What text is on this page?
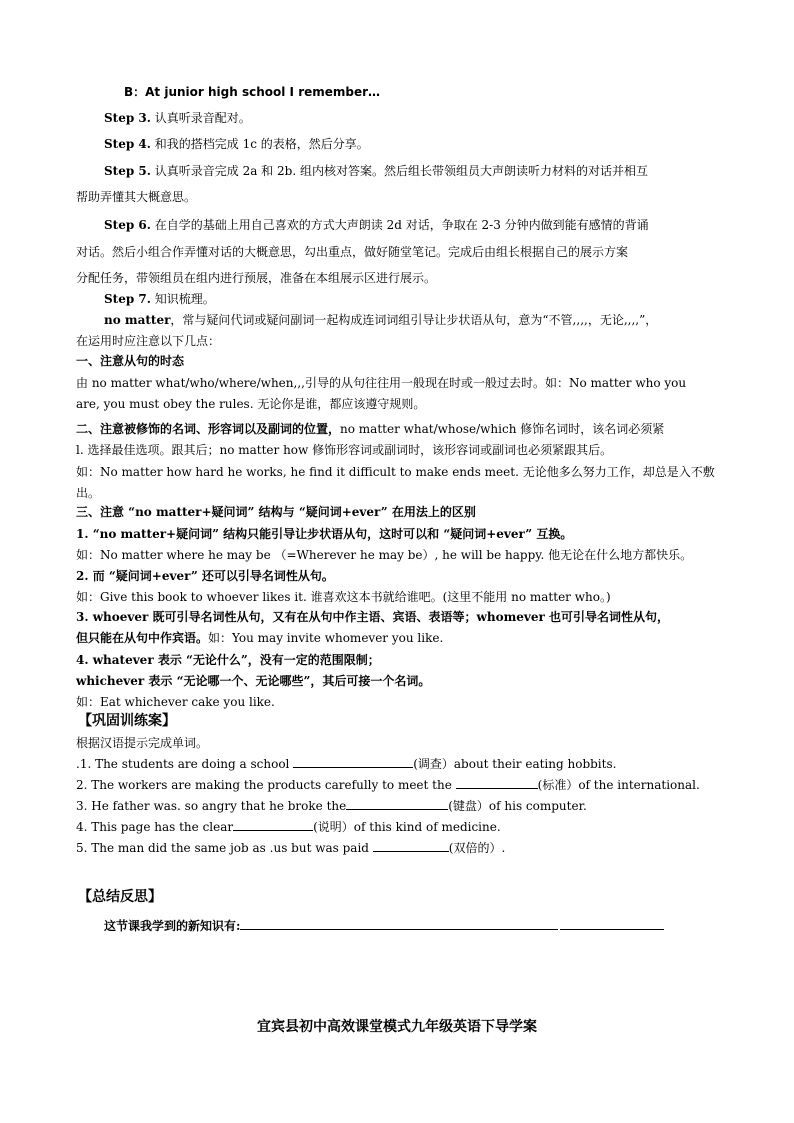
B：At junior high school I remember…
Step 3. 认真听录音配对。
Step 4. 和我的搭档完成 1c 的表格，然后分享。
Step 5. 认真听录音完成 2a 和 2b. 组内核对答案。然后组长带领组员大声朗读听力材料的对话并相互
帮助弄懂其大概意思。
Step 6. 在自学的基础上用自己喜欢的方式大声朗读 2d 对话，争取在 2-3 分钟内做到能有感情的背诵
对话。然后小组合作弄懂对话的大概意思，勾出重点，做好随堂笔记。完成后由组长根据自己的展示方案
分配任务，带领组员在组内进行预展，准备在本组展示区进行展示。
Step 7. 知识梳理。
no matter，常与疑问代词或疑问副词一起构成连词词组引导让步状语从句，意为“不管,,,,，无论,,,,”，
在运用时应注意以下几点：
一、注意从句的时态
由 no matter what/who/where/when,,,引导的从句往往用一般现在时或一般过去时。如：No matter who you
are, you must obey the rules. 无论你是谁，都应该遵守规则。
二、注意被修饰的名词、形容词以及副词的位置，no matter what/whose/which 修饰名词时，该名词必须紧
l. 选择最佳选项。跟其后；no matter how 修饰形容词或副词时，该形容词或副词也必须紧跟其后。
如：No matter how hard he works, he find it difficult to make ends meet. 无论他多么努力工作，却总是入不敷
出。
三、注意 “no matter+疑问词” 结构与 “疑问词+ever” 在用法上的区别
1. “no matter+疑问词” 结构只能引导让步状语从句，这时可以和 “疑问词+ever” 互换。
如：No matter where he may be （=Wherever he may be）, he will be happy. 他无论在什么地方都快乐。
2. 而 “疑问词+ever” 还可以引导名词性从句。
如：Give this book to whoever likes it. 谁喜欢这本书就给谁吧。(这里不能用 no matter who。)
3. whoever 既可引导名词性从句，又有在从句中作主语、宾语、表语等；whomever 也可引导名词性从句，
但只能在从句中作宾语。如：You may invite whomever you like.
4. whatever 表示 “无论什么”，没有一定的范围限制；
whichever 表示 “无论哪一个、无论哪些”，其后可接一个名词。
如：Eat whichever cake you like.
【巩固训练案】
根据汉语提示完成单词。
.1. The students are doing a school	(调查）about their eating hobbits.
2. The workers are making the products carefully to meet the	(标准）of the international.
3. He father was. so angry that he broke the	(键盘）of his computer.
4. This page has the clear	(说明）of this kind of medicine.
5. The man did the same job as .us but was paid	(双倍的）.
【总结反思】
这节课我学到的新知识有:
宜宾县初中高效课堂模式九年级英语下导学案
